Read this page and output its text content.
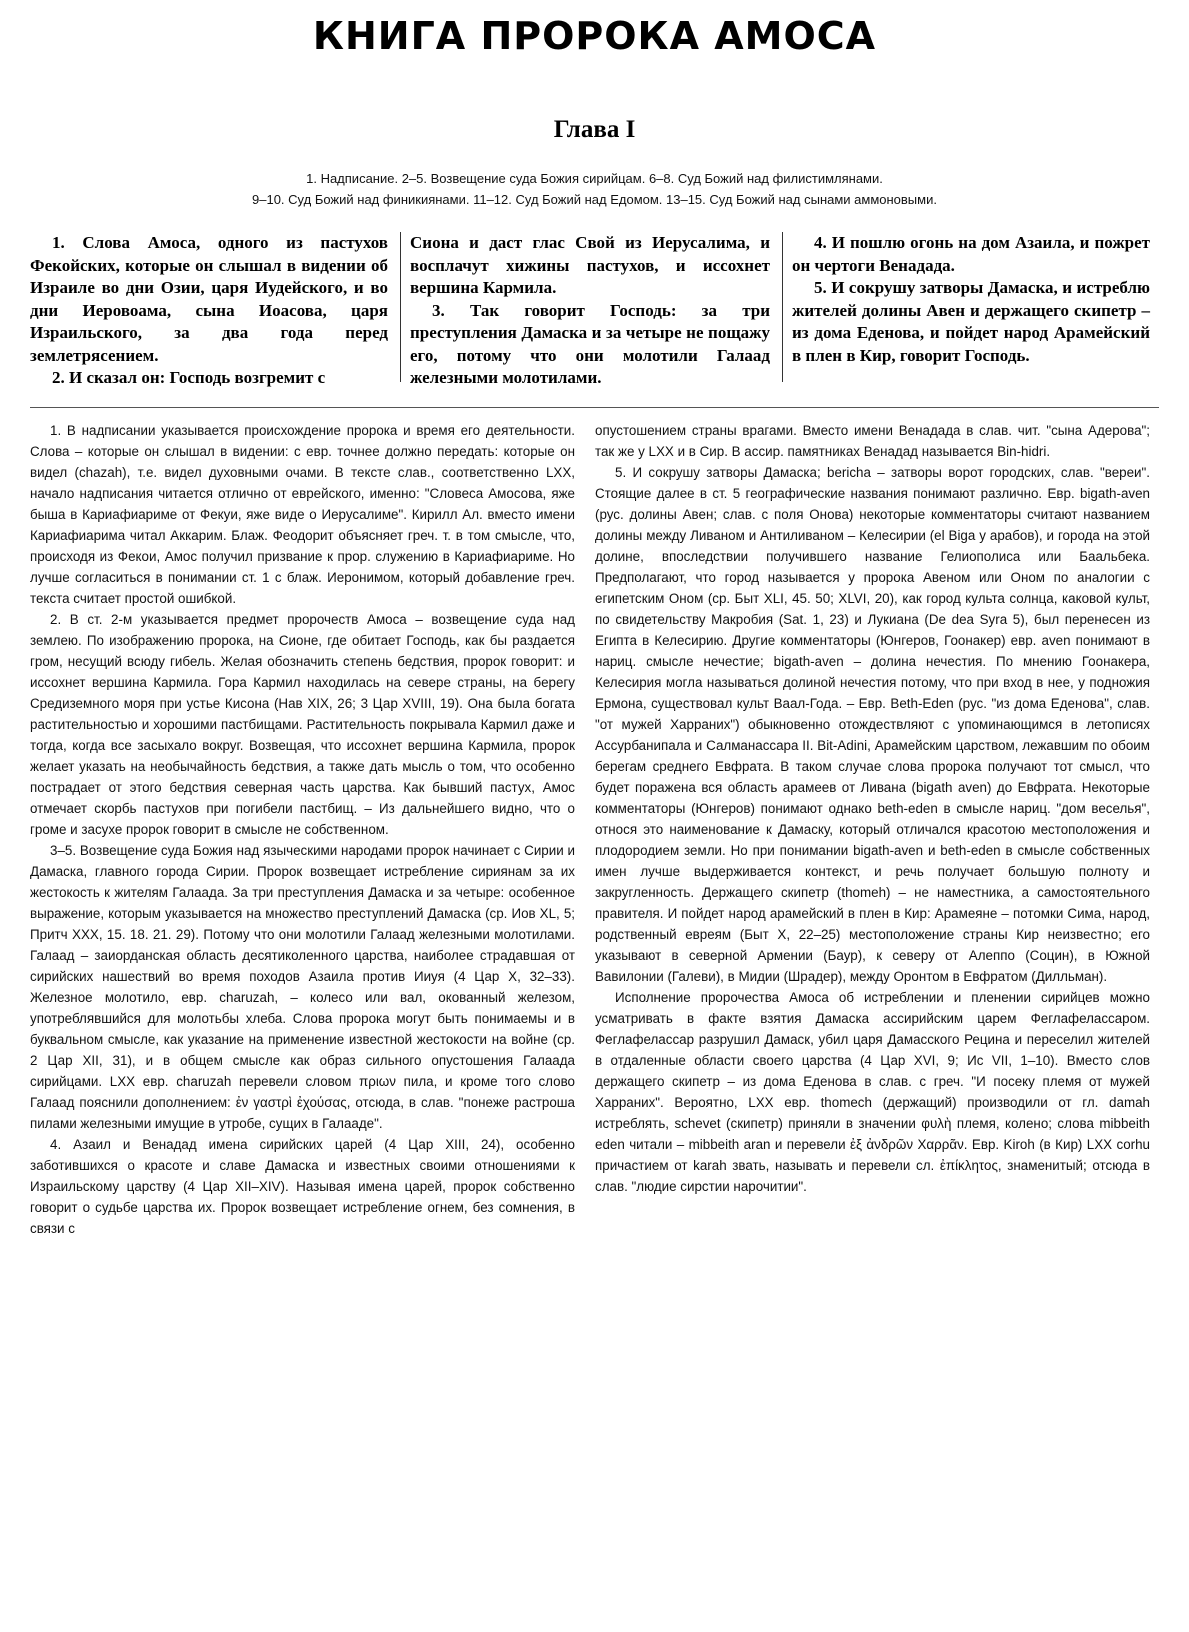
КНИГА ПРОРОКА АМОСА
Глава I
1. Надписание. 2–5. Возвещение суда Божия сирийцам. 6–8. Суд Божий над филистимлянами.
9–10. Суд Божий над финикиянами. 11–12. Суд Божий над Едомом. 13–15. Суд Божий над сынами аммоновыми.

1. Слова Амоса, одного из пастухов Фекойских, которые он слышал в видении об Израиле во дни Озии, царя Иудейского, и во дни Иеровоама, сына Иоасова, царя Израильского, за два года перед землетрясением.

2. И сказал он: Господь возгремит с

Сиона и даст глас Свой из Иерусалима, и восплачут хижины пастухов, и иссохнет вершина Кармила.

3. Так говорит Господь: за три преступления Дамаска и за четыре не пощажу его, потому что они молотили Галаад железными молотилами.

4. И пошлю огонь на дом Азаила, и пожрет он чертоги Венадада.

5. И сокрушу затворы Дамаска, и истреблю жителей долины Авен и держащего скипетр – из дома Еденова, и пойдет народ Арамейский в плен в Кир, говорит Господь.

1. В надписании указывается происхождение пророка и время его деятельности. Слова – которые он слышал в видении: с евр. точнее должно передать: которые он видел (chazah), т.е. видел духовными очами. В тексте слав., соответственно LXX, начало надписания читается отлично от еврейского, именно: "Словеса Амосова, яже быша в Кариафиариме от Фекуи, яже виде о Иерусалиме". Кирилл Ал. вместо имени Кариафиарима читал Аккарим. Блаж. Феодорит объясняет греч. т. в том смысле, что, происходя из Фекои, Амос получил призвание к прор. служению в Кариафиариме. Но лучше согласиться в понимании ст. 1 с блаж. Иеронимом, который добавление греч. текста считает простой ошибкой.

2. В ст. 2-м указывается предмет пророчеств Амоса – возвещение суда над землею. По изображению пророка, на Сионе, где обитает Господь, как бы раздается гром, несущий всюду гибель. Желая обозначить степень бедствия, пророк говорит: и иссохнет вершина Кармила. Гора Кармил находилась на севере страны, на берегу Средиземного моря при устье Кисона (Нав XIX, 26; 3 Цар XVIII, 19). Она была богата растительностью и хорошими пастбищами. Растительность покрывала Кармил даже и тогда, когда все засыхало вокруг. Возвещая, что иссохнет вершина Кармила, пророк желает указать на необычайность бедствия, а также дать мысль о том, что особенно пострадает от этого бедствия северная часть царства. Как бывший пастух, Амос отмечает скорбь пастухов при погибели пастбищ. – Из дальнейшего видно, что о громе и засухе пророк говорит в смысле не собственном.

3–5. Возвещение суда Божия над языческими народами пророк начинает с Сирии и Дамаска, главного города Сирии. Пророк возвещает истребление сириянам за их жестокость к жителям Галаада. За три преступления Дамаска и за четыре: особенное выражение, которым указывается на множество преступлений Дамаска (ср. Иов XL, 5; Притч XXX, 15. 18. 21. 29). Потому что они молотили Галаад железными молотилами. Галаад – заиорданская область десятиколенного царства, наиболее страдавшая от сирийских нашествий во время походов Азаила против Ииуя (4 Цар X, 32–33). Железное молотило, евр. charuzah, – колесо или вал, окованный железом, употреблявшийся для молотьбы хлеба. Слова пророка могут быть понимаемы и в буквальном смысле, как указание на применение известной жестокости на войне (ср. 2 Цар XII, 31), и в общем смысле как образ сильного опустошения Галаада сирийцами. LXX евр. charuzah перевели словом πριων пила, и кроме того слово Галаад пояснили дополнением: ἐν γαστρὶ ἐχούσας, отсюда, в слав. "понеже растроша пилами железными имущие в утробе, сущих в Галааде".

4. Азаил и Венадад имена сирийских царей (4 Цар XIII, 24), особенно заботившихся о красоте и славе Дамаска и известных своими отношениями к Израильскому царству (4 Цар XII–XIV). Называя имена царей, пророк собственно говорит о судьбе царства их. Пророк возвещает истребление огнем, без сомнения, в связи с

опустошением страны врагами. Вместо имени Венадада в слав. чит. "сына Адерова"; так же у LXX и в Сир. В ассир. памятниках Венадад называется Bin-hidri.

5. И сокрушу затворы Дамаска; bericha – затворы ворот городских, слав. "вереи". Стоящие далее в ст. 5 географические названия понимают различно. Евр. bigath-aven (рус. долины Авен; слав. с поля Онова) некоторые комментаторы считают названием долины между Ливаном и Антиливаном – Келесирии (el Biga у арабов), и города на этой долине, впоследствии получившего название Гелиополиса или Баальбека. Предполагают, что город называется у пророка Авеном или Оном по аналогии с египетским Оном (ср. Быт XLI, 45. 50; XLVI, 20), как город культа солнца, каковой культ, по свидетельству Макробия (Sat. 1, 23) и Лукиана (De dea Syra 5), был перенесен из Египта в Келесирию. Другие комментаторы (Юнгеров, Гоонакер) евр. aven понимают в нариц. смысле нечестие; bigath-aven – долина нечестия. По мнению Гоонакера, Келесирия могла называться долиной нечестия потому, что при вход в нее, у подножия Ермона, существовал культ Ваал-Года. – Евр. Beth-Eden (рус. "из дома Еденова", слав. "от мужей Харраних") обыкновенно отождествляют с упоминающимся в летописях Ассурбанипала и Салманассара II. Bit-Adini, Арамейским царством, лежавшим по обоим берегам среднего Евфрата. В таком случае слова пророка получают тот смысл, что будет поражена вся область арамеев от Ливана (bigath aven) до Евфрата. Некоторые комментаторы (Юнгеров) понимают однако beth-eden в смысле нариц. "дом веселья", относя это наименование к Дамаску, который отличался красотою местоположения и плодородием земли. Но при понимании bigath-aven и beth-eden в смысле собственных имен лучше выдерживается контекст, и речь получает большую полноту и закругленность. Держащего скипетр (thomeh) – не наместника, а самостоятельного правителя. И пойдет народ арамейский в плен в Кир: Арамеяне – потомки Сима, народ, родственный евреям (Быт X, 22–25) местоположение страны Кир неизвестно; его указывают в северной Армении (Баур), к северу от Алеппо (Социн), в Южной Вавилонии (Галеви), в Мидии (Шрадер), между Оронтом в Евфратом (Дилльман).

Исполнение пророчества Амоса об истреблении и пленении сирийцев можно усматривать в факте взятия Дамаска ассирийским царем Феглафелассаром. Феглафелассар разрушил Дамаск, убил царя Дамасского Рецина и переселил жителей в отдаленные области своего царства (4 Цар XVI, 9; Ис VII, 1–10). Вместо слов держащего скипетр – из дома Еденова в слав. с греч. "И посеку племя от мужей Харраних". Вероятно, LXX евр. thomech (держащий) производили от гл. damah истреблять, schevet (скипетр) приняли в значении φυλὴ племя, колено; слова mibbeith eden читали – mibbeith aran и перевели ἐξ ἀνδρῶν Χαρρᾶν. Евр. Kiroh (в Кир) LXX corhu причастием от karah звать, называть и перевели сл. ἐπίκλητος, знаменитый; отсюда в слав. "людие сирстии нарочитии".
